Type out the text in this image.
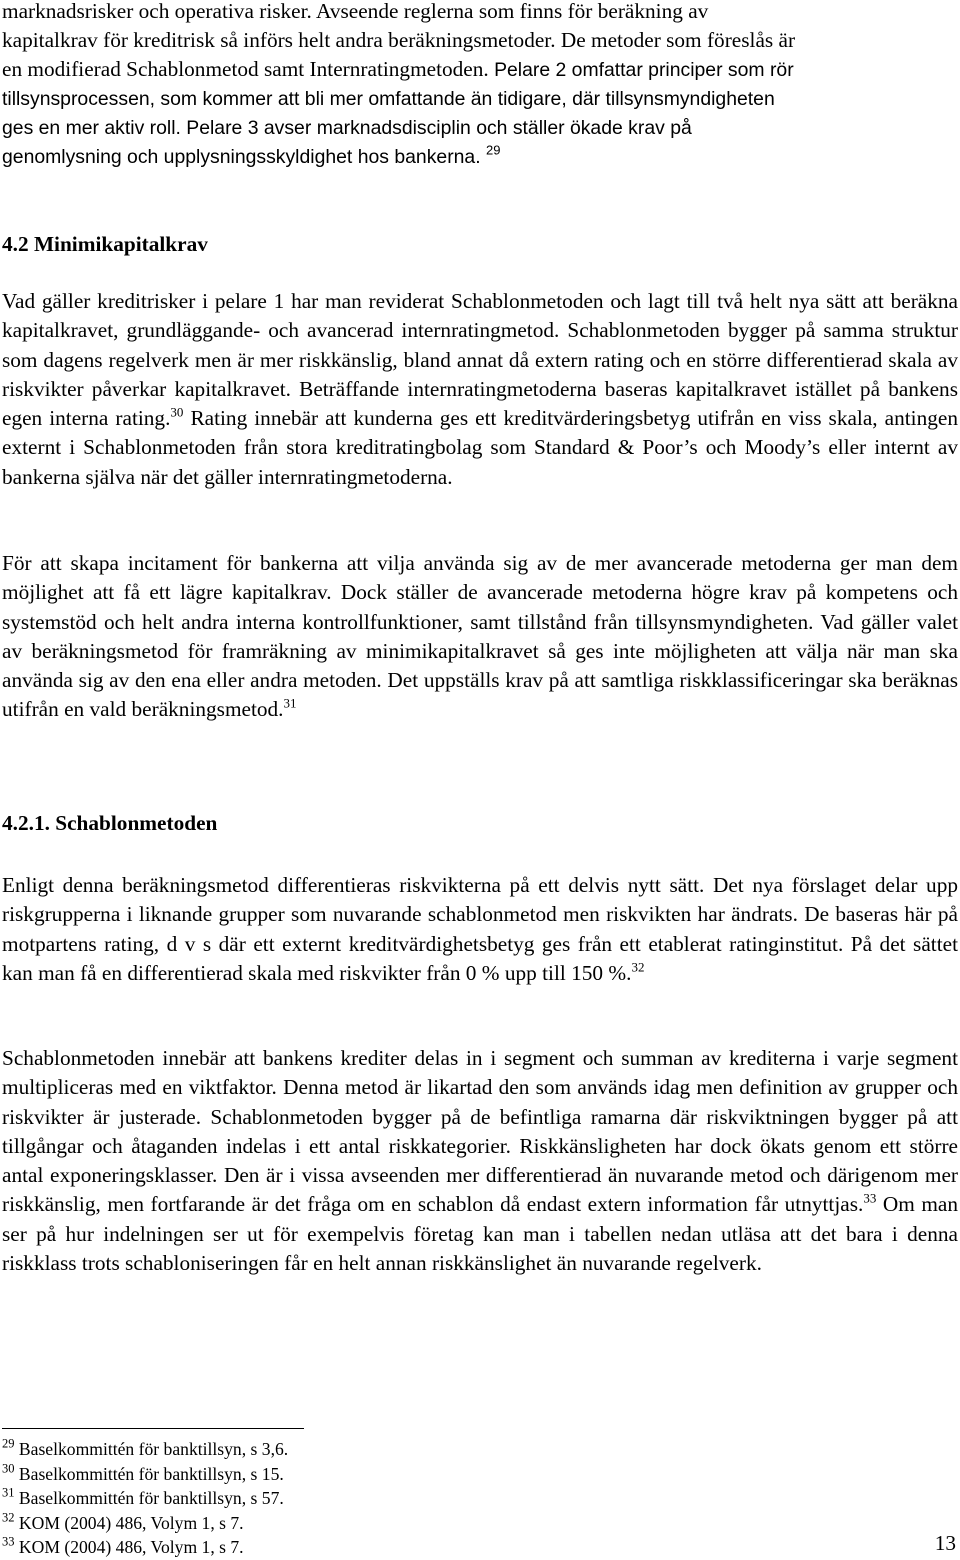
marknadsrisker och operativa risker. Avseende reglerna som finns för beräkning av

kapitalkrav för kreditrisk så införs helt andra beräkningsmetoder. De metoder som föreslås är

en modifierad Schablonmetod samt Internratingmetoden. Pelare 2 omfattar principer som rör

tillsynsprocessen, som kommer att bli mer omfattande än tidigare, där tillsynsmyndigheten

ges en mer aktiv roll. Pelare 3 avser marknadsdisciplin och ställer ökade krav på

genomlysning och upplysningsskyldighet hos bankerna. $^{29}$

4.2 Minimikapitalkrav

Vad gäller kreditrisker i pelare 1 har man reviderat Schablonmetoden och lagt till två helt nya sätt att beräkna kapitalkravet, grundläggande- och avancerad internratingmetod. Schablonmetoden bygger på samma struktur som dagens regelverk men är mer riskkänslig, bland annat då extern rating och en större differentierad skala av riskvikter påverkar kapitalkravet. Beträffande internratingmetoderna baseras kapitalkravet istället på bankens egen interna rating.$^{30}$ Rating innebär att kunderna ges ett kreditvärderingsbetyg utifrån en viss skala, antingen externt i Schablonmetoden från stora kreditratingbolag som Standard & Poor’s och Moody’s eller internt av bankerna själva när det gäller internratingmetoderna.

För att skapa incitament för bankerna att vilja använda sig av de mer avancerade metoderna ger man dem möjlighet att få ett lägre kapitalkrav. Dock ställer de avancerade metoderna högre krav på kompetens och systemstöd och helt andra interna kontrollfunktioner, samt tillstånd från tillsynsmyndigheten. Vad gäller valet av beräkningsmetod för framräkning av minimikapitalkravet så ges inte möjligheten att välja när man ska använda sig av den ena eller andra metoden. Det uppställs krav på att samtliga riskklassificeringar ska beräknas utifrån en vald beräkningsmetod.$^{31}$

4.2.1. Schablonmetoden

Enligt denna beräkningsmetod differentieras riskvikterna på ett delvis nytt sätt. Det nya förslaget delar upp riskgrupperna i liknande grupper som nuvarande schablonmetod men riskvikten har ändrats. De baseras här på motpartens rating, d v s där ett externt kreditvärdighetsbetyg ges från ett etablerat ratinginstitut. På det sättet kan man få en differentierad skala med riskvikter från 0 % upp till 150 %.$^{32}$

Schablonmetoden innebär att bankens krediter delas in i segment och summan av krediterna i varje segment multipliceras med en viktfaktor. Denna metod är likartad den som används idag men definition av grupper och riskvikter är justerade. Schablonmetoden bygger på de befintliga ramarna där riskviktningen bygger på att tillgångar och åtaganden indelas i ett antal riskkategorier. Riskkänsligheten har dock ökats genom ett större antal exponeringsklasser. Den är i vissa avseenden mer differentierad än nuvarande metod och därigenom mer riskkänslig, men fortfarande är det fråga om en schablon då endast extern information får utnyttjas.$^{33}$ Om man ser på hur indelningen ser ut för exempelvis företag kan man i tabellen nedan utläsa att det bara i denna riskklass trots schabloniseringen får en helt annan riskkänslighet än nuvarande regelverk.

$^{29}$ Baselkommittén för banktillsyn, s 3,6.
$^{30}$ Baselkommittén för banktillsyn, s 15.
$^{31}$ Baselkommittén för banktillsyn, s 57.
$^{32}$ KOM (2004) 486, Volym 1, s 7.
$^{33}$ KOM (2004) 486, Volym 1, s 7.	13
